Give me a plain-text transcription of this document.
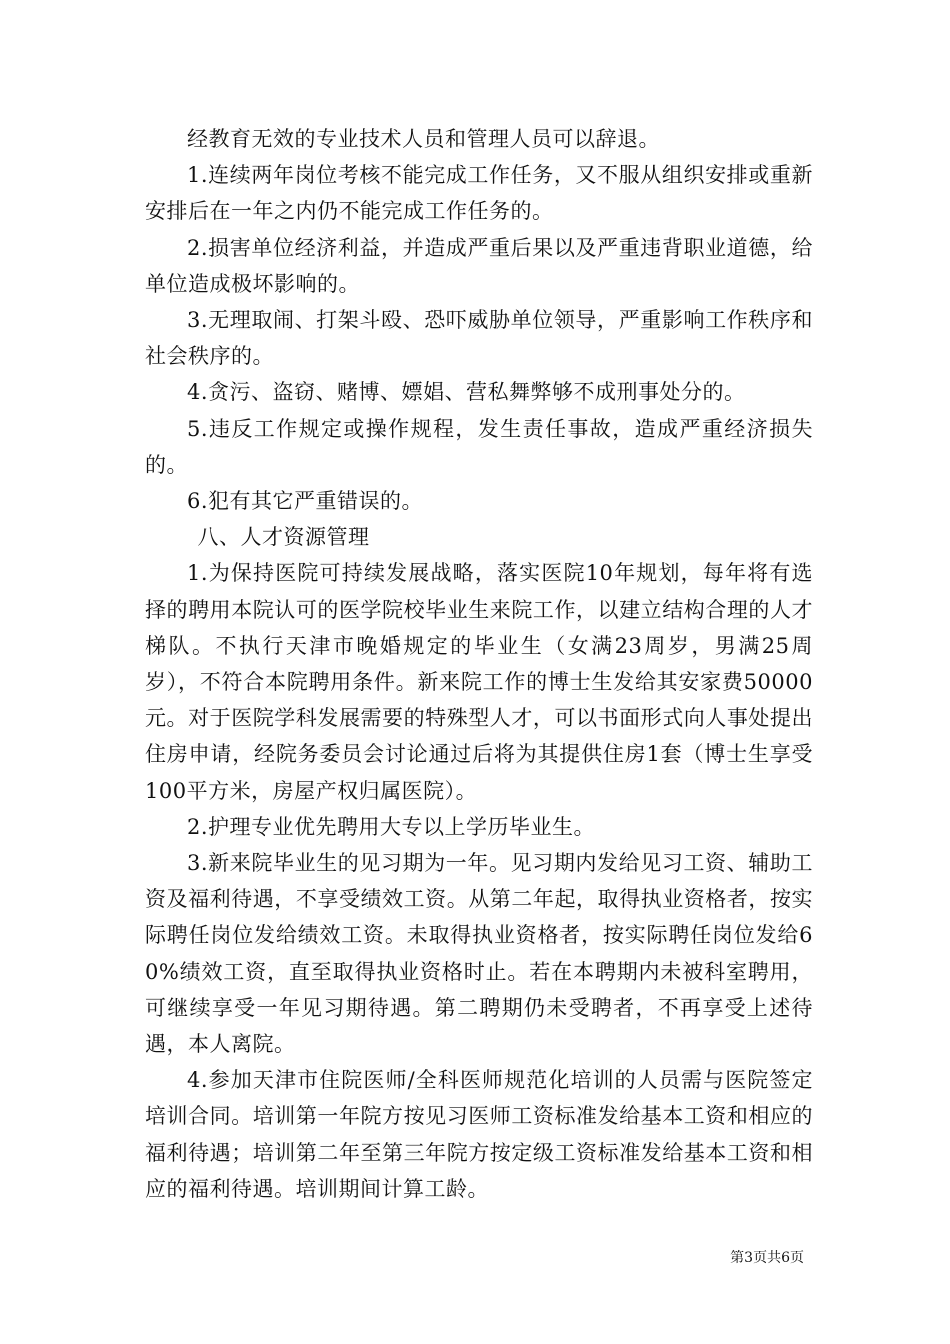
经教育无效的专业技术人员和管理人员可以辞退。

1.连续两年岗位考核不能完成工作任务，又不服从组织安排或重新安排后在一年之内仍不能完成工作任务的。

2.损害单位经济利益，并造成严重后果以及严重违背职业道德，给单位造成极坏影响的。

3.无理取闹、打架斗殴、恐吓威胁单位领导，严重影响工作秩序和社会秩序的。

4.贪污、盗窃、赌博、嫖娼、营私舞弊够不成刑事处分的。

5.违反工作规定或操作规程，发生责任事故，造成严重经济损失的。

6.犯有其它严重错误的。

八、人才资源管理

1.为保持医院可持续发展战略，落实医院10年规划，每年将有选择的聘用本院认可的医学院校毕业生来院工作，以建立结构合理的人才梯队。不执行天津市晚婚规定的毕业生（女满23周岁，男满25周岁），不符合本院聘用条件。新来院工作的博士生发给其安家费50000元。对于医院学科发展需要的特殊型人才，可以书面形式向人事处提出住房申请，经院务委员会讨论通过后将为其提供住房1套（博士生享受100平方米，房屋产权归属医院）。

2.护理专业优先聘用大专以上学历毕业生。

3.新来院毕业生的见习期为一年。见习期内发给见习工资、辅助工资及福利待遇，不享受绩效工资。从第二年起，取得执业资格者，按实际聘任岗位发给绩效工资。未取得执业资格者，按实际聘任岗位发给60%绩效工资，直至取得执业资格时止。若在本聘期内未被科室聘用，可继续享受一年见习期待遇。第二聘期仍未受聘者，不再享受上述待遇，本人离院。

4.参加天津市住院医师/全科医师规范化培训的人员需与医院签定培训合同。培训第一年院方按见习医师工资标准发给基本工资和相应的福利待遇；培训第二年至第三年院方按定级工资标准发给基本工资和相应的福利待遇。培训期间计算工龄。

第3页共6页
